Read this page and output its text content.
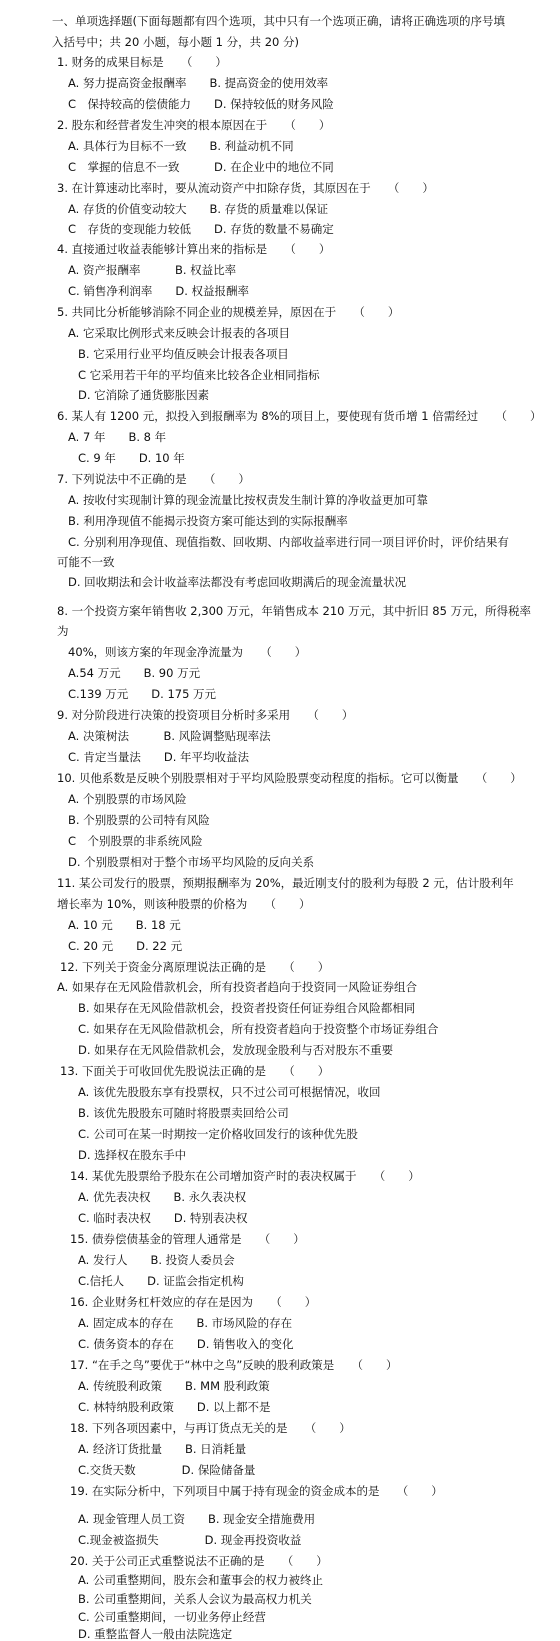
一、单项选择题(下面每题都有四个选项，其中只有一个选项正确，请将正确选项的序号填
入括号中；共 20 小题，每小题 1 分，共 20 分)
1. 财务的成果目标是　　（　　）
A. 努力提高资金报酬率　　B. 提高资金的使用效率
C　保持较高的偿债能力　　D. 保持较低的财务风险
2. 股东和经营者发生冲突的根本原因在于　　（　　）
A. 具体行为目标不一致　　B. 利益动机不同
C　掌握的信息不一致　　　D. 在企业中的地位不同
3. 在计算速动比率时，要从流动资产中扣除存货，其原因在于　　（　　）
A. 存货的价值变动较大　　B. 存货的质量难以保证
C　存货的变现能力较低　　D. 存货的数量不易确定
4. 直接通过收益表能够计算出来的指标是　　（　　）
A. 资产报酬率　　　B. 权益比率
C. 销售净利润率　　D. 权益报酬率
5. 共同比分析能够消除不同企业的规模差异，原因在于　　（　　）
A. 它采取比例形式来反映会计报表的各项目
B. 它采用行业平均值反映会计报表各项目
C 它采用若干年的平均值来比较各企业相同指标
D. 它消除了通货膨胀因素
6. 某人有 1200 元，拟投入到报酬率为 8%的项目上，要使现有货币增 1 倍需经过　　（　　）
A. 7 年　　B. 8 年
C. 9 年　　D. 10 年
7. 下列说法中不正确的是　　（　　）
A. 按收付实现制计算的现金流量比按权责发生制计算的净收益更加可靠
B. 利用净现值不能揭示投资方案可能达到的实际报酬率
C. 分别利用净现值、现值指数、回收期、内部收益率进行同一项目评价时，评价结果有
可能不一致
D. 回收期法和会计收益率法都没有考虑回收期满后的现金流量状况
8. 一个投资方案年销售收 2,300 万元，年销售成本 210 万元，其中折旧 85 万元，所得税率
为
40%，则该方案的年现金净流量为　　（　　）
A.54 万元　　B. 90 万元
C.139 万元　　D. 175 万元
9. 对分阶段进行决策的投资项目分析时多采用　　（　　）
A. 决策树法　　　B. 风险调整贴现率法
C. 肯定当量法　　D. 年平均收益法
10. 贝他系数是反映个别股票相对于平均风险股票变动程度的指标。它可以衡量　　（　　）
A. 个别股票的市场风险
B. 个别股票的公司特有风险
C　个别股票的非系统风险
D. 个别股票相对于整个市场平均风险的反向关系
11. 某公司发行的股票，预期报酬率为 20%，最近刚支付的股利为每股 2 元，估计股利年
增长率为 10%，则该种股票的价格为　　（　　）
A. 10 元　　B. 18 元
C. 20 元　　D. 22 元
12. 下列关于资金分离原理说法正确的是　　（　　）
A. 如果存在无风险借款机会，所有投资者趋向于投资同一风险证券组合
B. 如果存在无风险借款机会，投资者投资任何证券组合风险都相同
C. 如果存在无风险借款机会，所有投资者趋向于投资整个市场证券组合
D. 如果存在无风险借款机会，发放现金股利与否对股东不重要
13. 下面关于可收回优先股说法正确的是　　（　　）
A. 该优先股股东享有投票权，只不过公司可根据情况，收回
B. 该优先股股东可随时将股票卖回给公司
C. 公司可在某一时期按一定价格收回发行的该种优先股
D. 选择权在股东手中
14. 某优先股票给予股东在公司增加资产时的表决权属于　　（　　）
A. 优先表决权　　B. 永久表决权
C. 临时表决权　　D. 特别表决权
15. 债券偿债基金的管理人通常是　　（　　）
A. 发行人　　B. 投资人委员会
C.信托人　　D. 证监会指定机构
16. 企业财务杠杆效应的存在是因为　　（　　）
A. 固定成本的存在　　B. 市场风险的存在
C. 债务资本的存在　　D. 销售收入的变化
17. “在手之鸟”要优于“林中之鸟”反映的股利政策是　　（　　）
A. 传统股利政策　　B. MM 股利政策
C. 林特纳股利政策　　D. 以上都不是
18. 下列各项因素中，与再订货点无关的是　　（　　）
A. 经济订货批量　　B. 日消耗量
C.交货天数　　　　D. 保险储备量
19. 在实际分析中，下列项目中属于持有现金的资金成本的是　　（　　）
A. 现金管理人员工资　　B. 现金安全措施费用
C.现金被盗损失　　　　D. 现金再投资收益
20. 关于公司正式重整说法不正确的是　　（　　）
A. 公司重整期间，股东会和董事会的权力被终止
B. 公司重整期间，关系人会议为最高权力机关
C. 公司重整期间，一切业务停止经营
D. 重整监督人一般由法院选定
